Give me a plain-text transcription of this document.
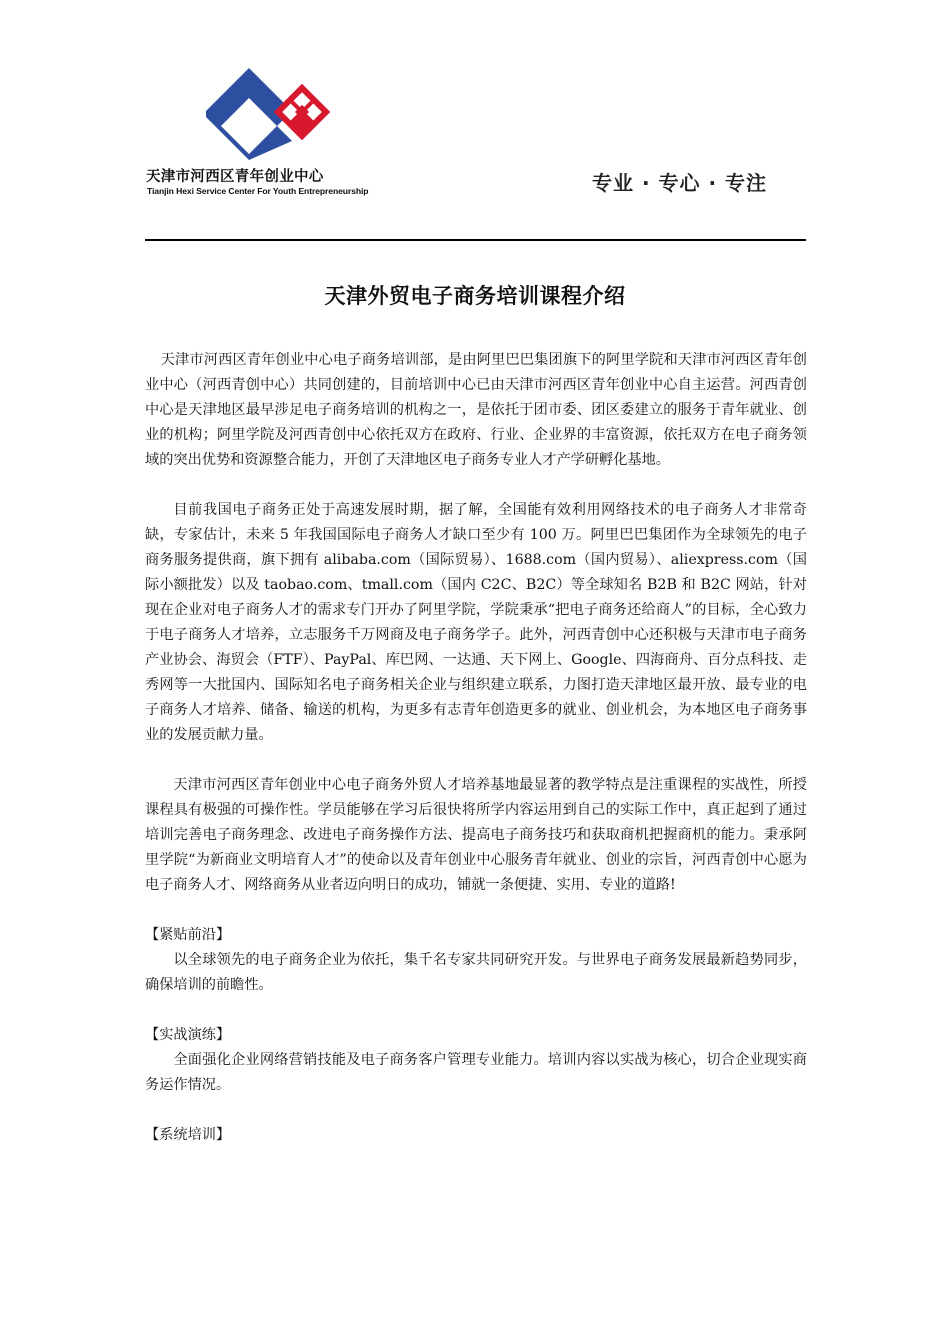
天津市河西区青年创业中心
Tianjin Hexi Service Center For Youth Entrepreneurship	专业 · 专心 · 专注
天津外贸电子商务培训课程介绍

天津市河西区青年创业中心电子商务培训部，是由阿里巴巴集团旗下的阿里学院和天津市河西区青年创业中心（河西青创中心）共同创建的，目前培训中心已由天津市河西区青年创业中心自主运营。河西青创中心是天津地区最早涉足电子商务培训的机构之一，是依托于团市委、团区委建立的服务于青年就业、创业的机构；阿里学院及河西青创中心依托双方在政府、行业、企业界的丰富资源，依托双方在电子商务领域的突出优势和资源整合能力，开创了天津地区电子商务专业人才产学研孵化基地。

目前我国电子商务正处于高速发展时期，据了解，全国能有效利用网络技术的电子商务人才非常奇缺，专家估计，未来 5 年我国国际电子商务人才缺口至少有 100 万。阿里巴巴集团作为全球领先的电子商务服务提供商，旗下拥有 alibaba.com（国际贸易）、1688.com（国内贸易）、aliexpress.com（国际小额批发）以及 taobao.com、tmall.com（国内 C2C、B2C）等全球知名 B2B 和 B2C 网站，针对现在企业对电子商务人才的需求专门开办了阿里学院，学院秉承“把电子商务还给商人”的目标，全心致力于电子商务人才培养，立志服务千万网商及电子商务学子。此外，河西青创中心还积极与天津市电子商务产业协会、海贸会（FTF）、PayPal、库巴网、一达通、天下网上、Google、四海商舟、百分点科技、走秀网等一大批国内、国际知名电子商务相关企业与组织建立联系，力图打造天津地区最开放、最专业的电子商务人才培养、储备、输送的机构，为更多有志青年创造更多的就业、创业机会，为本地区电子商务事业的发展贡献力量。

天津市河西区青年创业中心电子商务外贸人才培养基地最显著的教学特点是注重课程的实战性，所授课程具有极强的可操作性。学员能够在学习后很快将所学内容运用到自己的实际工作中，真正起到了通过培训完善电子商务理念、改进电子商务操作方法、提高电子商务技巧和获取商机把握商机的能力。秉承阿里学院“为新商业文明培育人才”的使命以及青年创业中心服务青年就业、创业的宗旨，河西青创中心愿为电子商务人才、网络商务从业者迈向明日的成功，铺就一条便捷、实用、专业的道路!

【紧贴前沿】

以全球领先的电子商务企业为依托，集千名专家共同研究开发。与世界电子商务发展最新趋势同步，确保培训的前瞻性。

【实战演练】

全面强化企业网络营销技能及电子商务客户管理专业能力。培训内容以实战为核心，切合企业现实商务运作情况。

【系统培训】
